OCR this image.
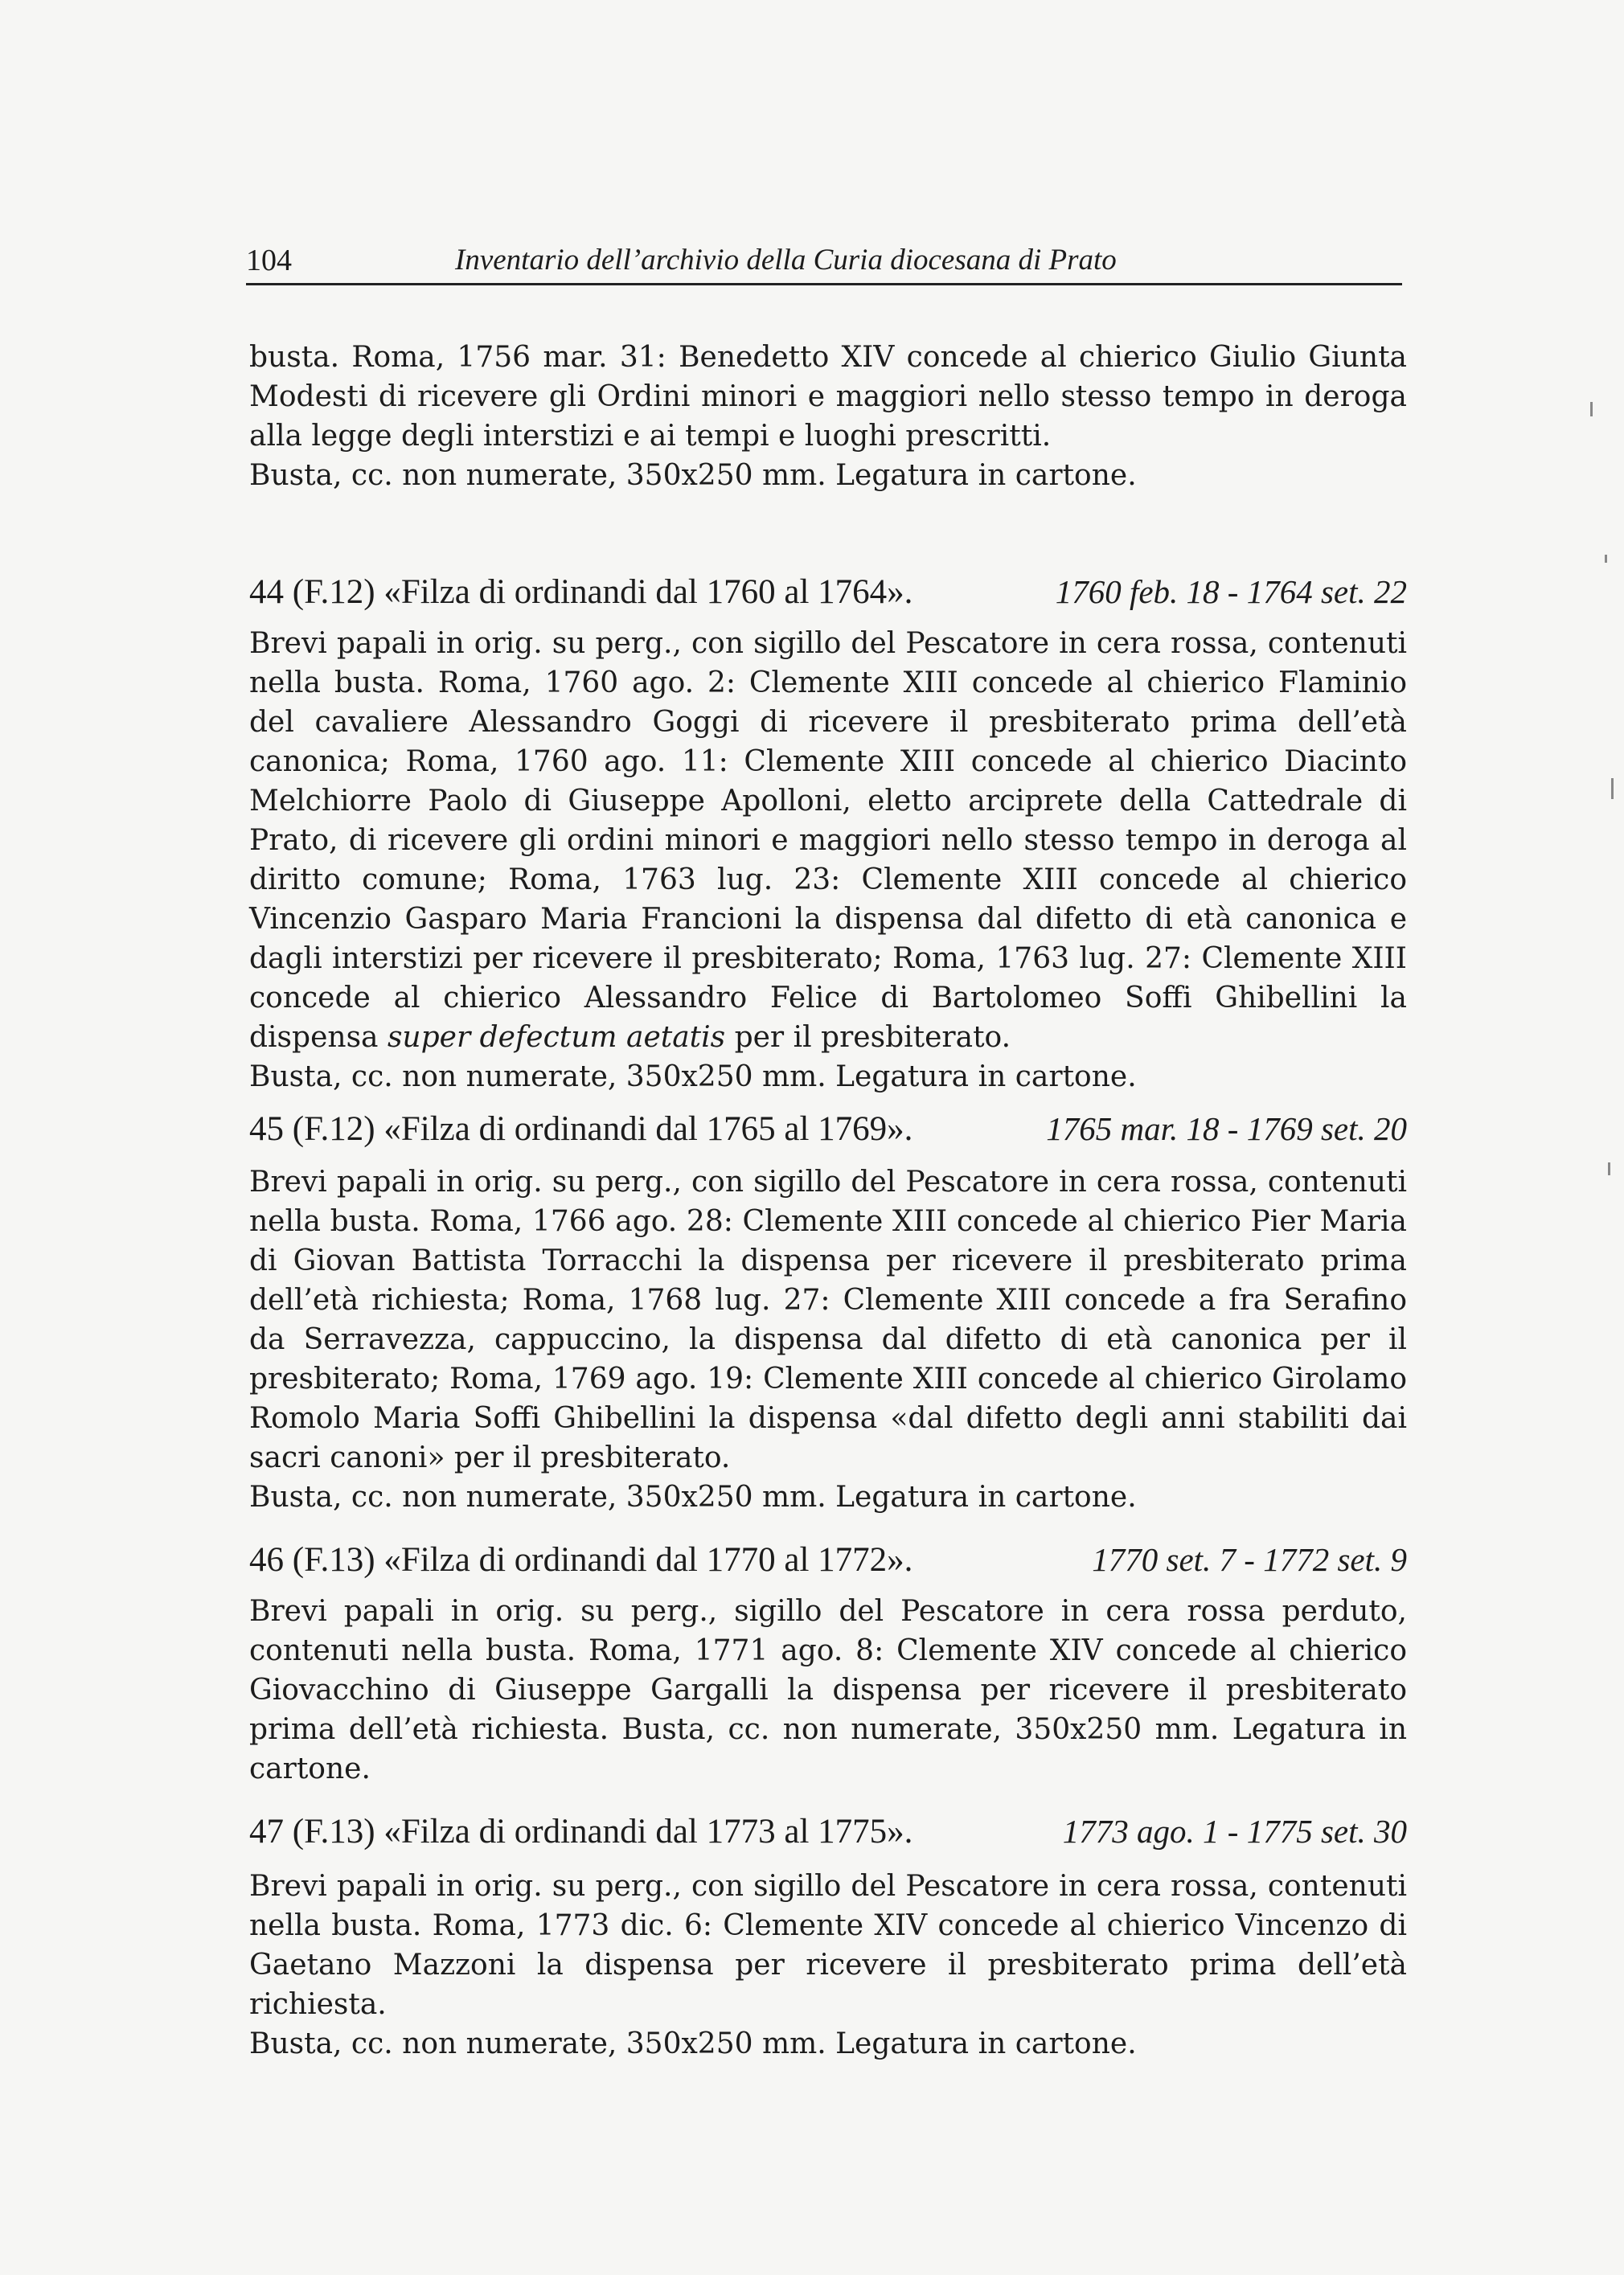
104	Inventario dell’archivio della Curia diocesana di Prato

busta. Roma, 1756 mar. 31: Benedetto XIV concede al chierico Giulio Giunta Modesti di ricevere gli Ordini minori e maggiori nello stesso tempo in deroga alla legge degli interstizi e ai tempi e luoghi prescritti.
Busta, cc. non numerate, 350x250 mm. Legatura in cartone.

44 (F.12) «Filza di ordinandi dal 1760 al 1764».	1760 feb. 18 - 1764 set. 22

Brevi papali in orig. su perg., con sigillo del Pescatore in cera rossa, contenuti nella busta. Roma, 1760 ago. 2: Clemente XIII concede al chierico Flaminio del cavaliere Alessandro Goggi di ricevere il presbiterato prima dell’età canonica; Roma, 1760 ago. 11: Clemente XIII concede al chierico Diacinto Melchiorre Paolo di Giuseppe Apolloni, eletto arciprete della Cattedrale di Prato, di ricevere gli ordini minori e maggiori nello stesso tempo in deroga al diritto comune; Roma, 1763 lug. 23: Clemente XIII concede al chierico Vincenzio Gasparo Maria Francioni la dispensa dal difetto di età canonica e dagli interstizi per ricevere il presbiterato; Roma, 1763 lug. 27: Clemente XIII concede al chierico Alessandro Felice di Bartolomeo Soffi Ghibellini la dispensa super defectum aetatis per il presbiterato.
Busta, cc. non numerate, 350x250 mm. Legatura in cartone.

45 (F.12) «Filza di ordinandi dal 1765 al 1769».	1765 mar. 18 - 1769 set. 20

Brevi papali in orig. su perg., con sigillo del Pescatore in cera rossa, contenuti nella busta. Roma, 1766 ago. 28: Clemente XIII concede al chierico Pier Maria di Giovan Battista Torracchi la dispensa per ricevere il presbiterato prima dell’età richiesta; Roma, 1768 lug. 27: Clemente XIII concede a fra Serafino da Serravezza, cappuccino, la dispensa dal difetto di età canonica per il presbiterato; Roma, 1769 ago. 19: Clemente XIII concede al chierico Girolamo Romolo Maria Soffi Ghibellini la dispensa «dal difetto degli anni stabiliti dai sacri canoni» per il presbiterato.
Busta, cc. non numerate, 350x250 mm. Legatura in cartone.

46 (F.13) «Filza di ordinandi dal 1770 al 1772».	1770 set. 7 - 1772 set. 9

Brevi papali in orig. su perg., sigillo del Pescatore in cera rossa perduto, contenuti nella busta. Roma, 1771 ago. 8: Clemente XIV concede al chierico Giovacchino di Giuseppe Gargalli la dispensa per ricevere il presbiterato prima dell’età richiesta. Busta, cc. non numerate, 350x250 mm. Legatura in cartone.

47 (F.13) «Filza di ordinandi dal 1773 al 1775».	1773 ago. 1 - 1775 set. 30

Brevi papali in orig. su perg., con sigillo del Pescatore in cera rossa, contenuti nella busta. Roma, 1773 dic. 6: Clemente XIV concede al chierico Vincenzo di Gaetano Mazzoni la dispensa per ricevere il presbiterato prima dell’età richiesta.
Busta, cc. non numerate, 350x250 mm. Legatura in cartone.
